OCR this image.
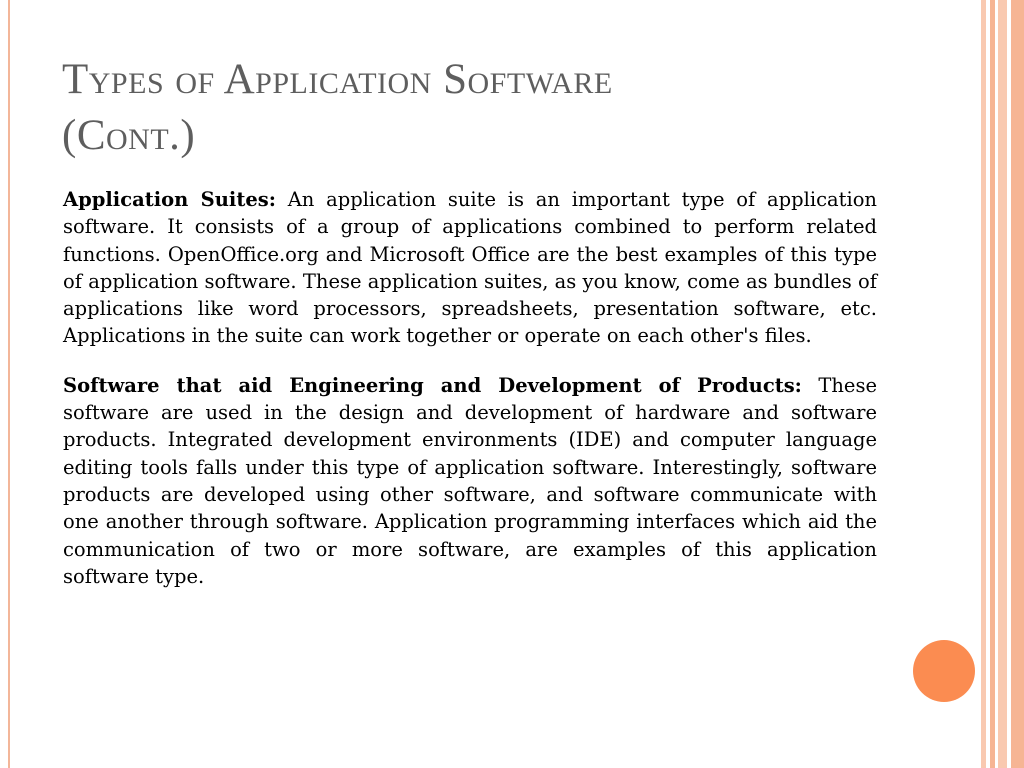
Types of Application Software
(Cont.)

Application Suites: An application suite is an important type of application software. It consists of a group of applications combined to perform related functions. OpenOffice.org and Microsoft Office are the best examples of this type of application software. These application suites, as you know, come as bundles of applications like word processors, spreadsheets, presentation software, etc. Applications in the suite can work together or operate on each other's files.

Software that aid Engineering and Development of Products: These software are used in the design and development of hardware and software products. Integrated development environments (IDE) and computer language editing tools falls under this type of application software. Interestingly, software products are developed using other software, and software communicate with one another through software. Application programming interfaces which aid the communication of two or more software, are examples of this application software type.
